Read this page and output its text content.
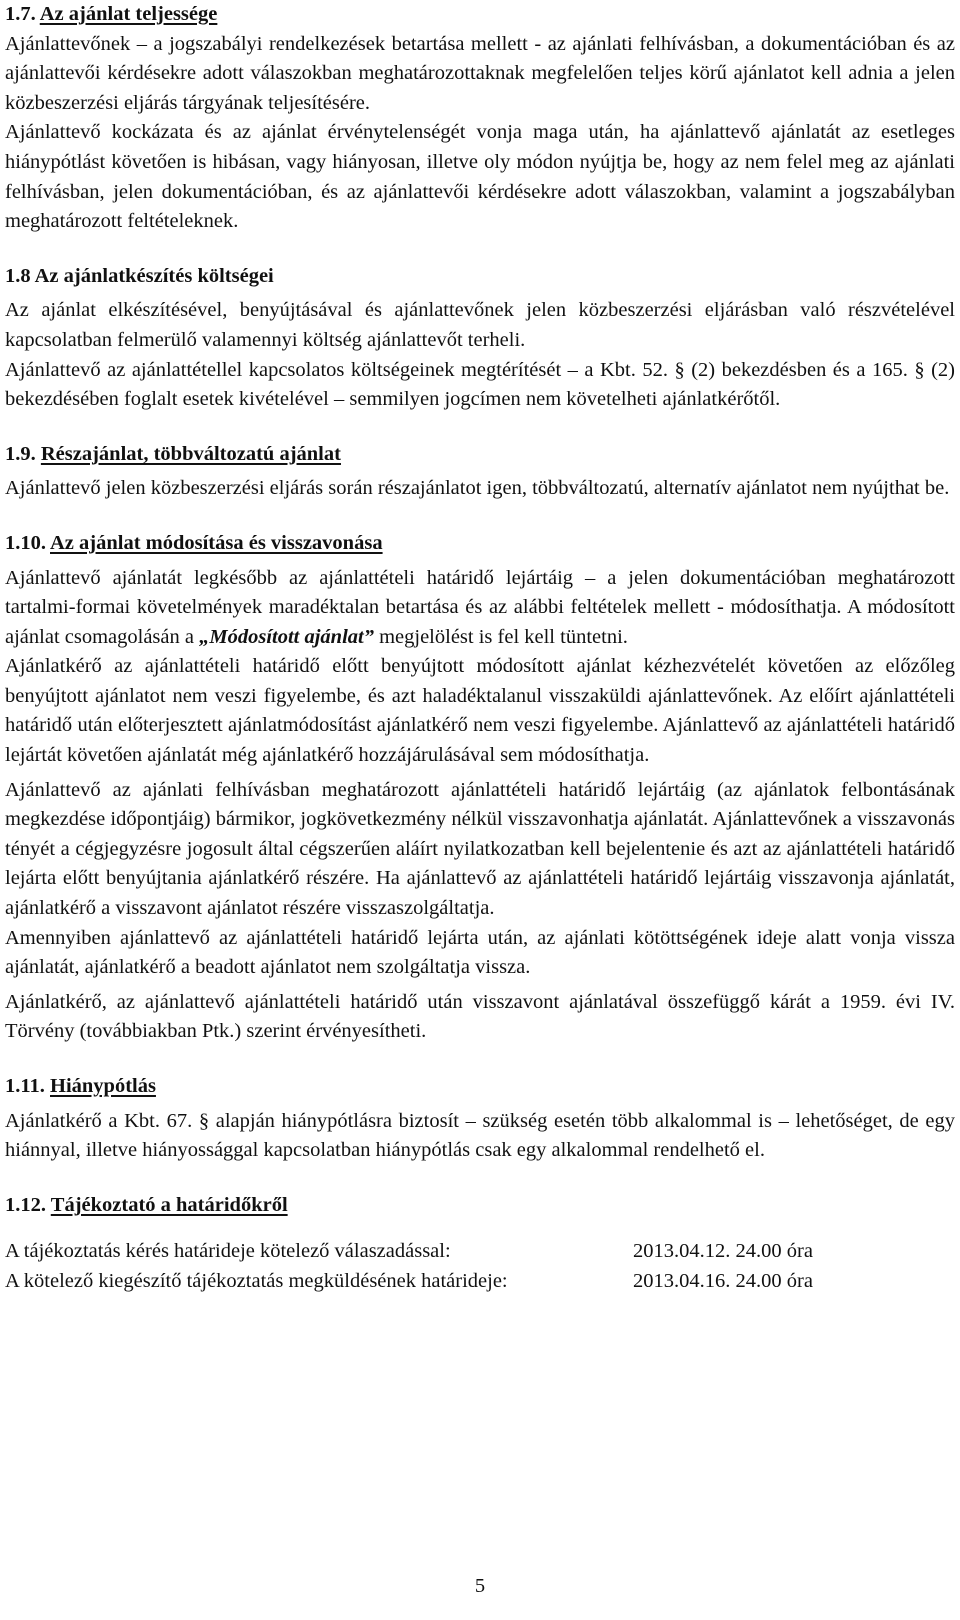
1.7. Az ajánlat teljessége

Ajánlattevőnek – a jogszabályi rendelkezések betartása mellett - az ajánlati felhívásban, a dokumentációban és az ajánlattevői kérdésekre adott válaszokban meghatározottaknak megfelelően teljes körű ajánlatot kell adnia a jelen közbeszerzési eljárás tárgyának teljesítésére.

Ajánlattevő kockázata és az ajánlat érvénytelenségét vonja maga után, ha ajánlattevő ajánlatát az esetleges hiánypótlást követően is hibásan, vagy hiányosan, illetve oly módon nyújtja be, hogy az nem felel meg az ajánlati felhívásban, jelen dokumentációban, és az ajánlattevői kérdésekre adott válaszokban, valamint a jogszabályban meghatározott feltételeknek.

1.8 Az ajánlatkészítés költségei

Az ajánlat elkészítésével, benyújtásával és ajánlattevőnek jelen közbeszerzési eljárásban való részvételével kapcsolatban felmerülő valamennyi költség ajánlattevőt terheli.

Ajánlattevő az ajánlattétellel kapcsolatos költségeinek megtérítését – a Kbt. 52. § (2) bekezdésben és a 165. § (2) bekezdésében foglalt esetek kivételével – semmilyen jogcímen nem követelheti ajánlatkérőtől.

1.9. Részajánlat, többváltozatú ajánlat

Ajánlattevő jelen közbeszerzési eljárás során részajánlatot igen, többváltozatú, alternatív ajánlatot nem nyújthat be.

1.10. Az ajánlat módosítása és visszavonása

Ajánlattevő ajánlatát legkésőbb az ajánlattételi határidő lejártáig – a jelen dokumentációban meghatározott tartalmi-formai követelmények maradéktalan betartása és az alábbi feltételek mellett - módosíthatja. A módosított ajánlat csomagolásán a „Módosított ajánlat” megjelölést is fel kell tüntetni.

Ajánlatkérő az ajánlattételi határidő előtt benyújtott módosított ajánlat kézhezvételét követően az előzőleg benyújtott ajánlatot nem veszi figyelembe, és azt haladéktalanul visszaküldi ajánlattevőnek. Az előírt ajánlattételi határidő után előterjesztett ajánlatmódosítást ajánlatkérő nem veszi figyelembe. Ajánlattevő az ajánlattételi határidő lejártát követően ajánlatát még ajánlatkérő hozzájárulásával sem módosíthatja.

Ajánlattevő az ajánlati felhívásban meghatározott ajánlattételi határidő lejártáig (az ajánlatok felbontásának megkezdése időpontjáig) bármikor, jogkövetkezmény nélkül visszavonhatja ajánlatát. Ajánlattevőnek a visszavonás tényét a cégjegyzésre jogosult által cégszerűen aláírt nyilatkozatban kell bejelentenie és azt az ajánlattételi határidő lejárta előtt benyújtania ajánlatkérő részére. Ha ajánlattevő az ajánlattételi határidő lejártáig visszavonja ajánlatát, ajánlatkérő a visszavont ajánlatot részére visszaszolgáltatja.

Amennyiben ajánlattevő az ajánlattételi határidő lejárta után, az ajánlati kötöttségének ideje alatt vonja vissza ajánlatát, ajánlatkérő a beadott ajánlatot nem szolgáltatja vissza.

Ajánlatkérő, az ajánlattevő ajánlattételi határidő után visszavont ajánlatával összefüggő kárát a 1959. évi IV. Törvény (továbbiakban Ptk.) szerint érvényesítheti.

1.11. Hiánypótlás

Ajánlatkérő a Kbt. 67. § alapján hiánypótlásra biztosít – szükség esetén több alkalommal is – lehetőséget, de egy hiánnyal, illetve hiányossággal kapcsolatban hiánypótlás csak egy alkalommal rendelhető el.

1.12. Tájékoztató a határidőkről
A tájékoztatás kérés határideje kötelező válaszadással:	2013.04.12. 24.00 óra
A kötelező kiegészítő tájékoztatás megküldésének határideje:	2013.04.16. 24.00 óra
5
